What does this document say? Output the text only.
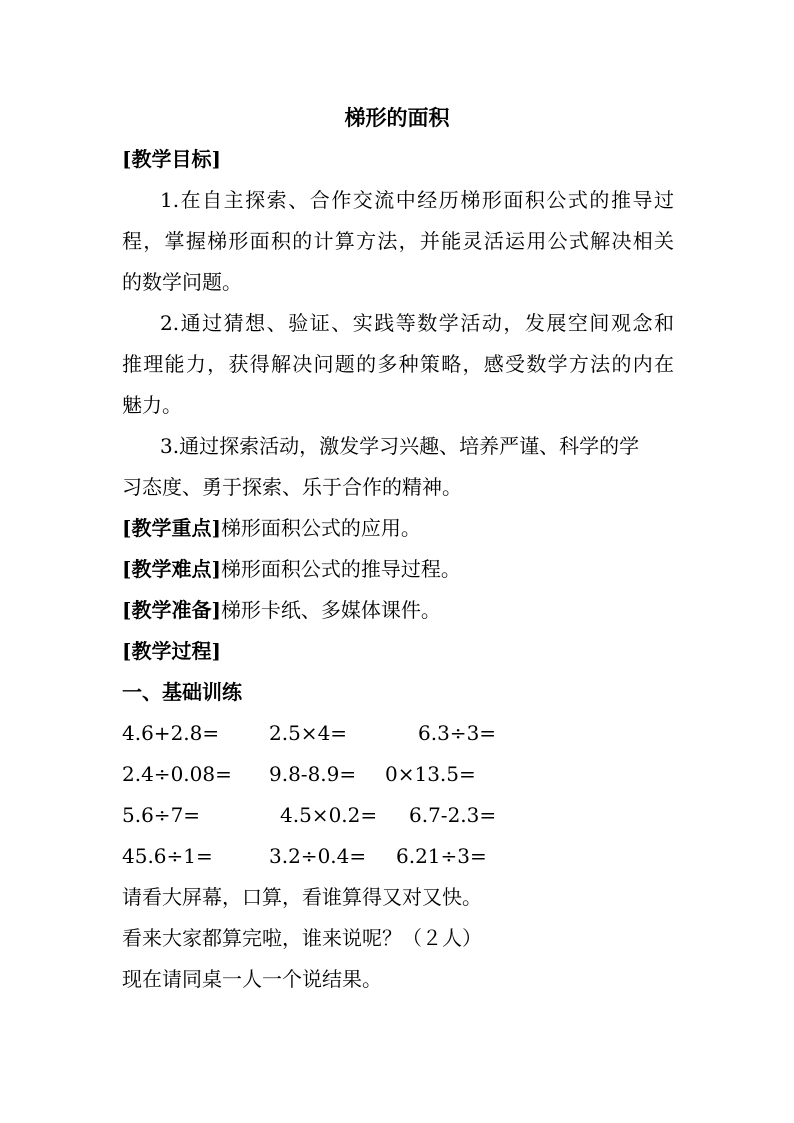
梯形的面积
[教学目标]
1.在自主探索、合作交流中经历梯形面积公式的推导过
程，掌握梯形面积的计算方法，并能灵活运用公式解决相关
的数学问题。
2.通过猜想、验证、实践等数学活动，发展空间观念和
推理能力，获得解决问题的多种策略，感受数学方法的内在
魅力。
3.通过探索活动，激发学习兴趣、培养严谨、科学的学
习态度、勇于探索、乐于合作的精神。
[教学重点]梯形面积公式的应用。
[教学难点]梯形面积公式的推导过程。
[教学准备]梯形卡纸、多媒体课件。
[教学过程]
一、基础训练
4.6+2.8= 2.5×4=	6.3÷3=
2.4÷0.08= 9.8-8.9= 0×13.5=
5.6÷7=	4.5×0.2= 6.7-2.3=
45.6÷1=	3.2÷0.4= 6.21÷3=
请看大屏幕，口算，看谁算得又对又快。
看来大家都算完啦，谁来说呢？（２人）
现在请同桌一人一个说结果。
